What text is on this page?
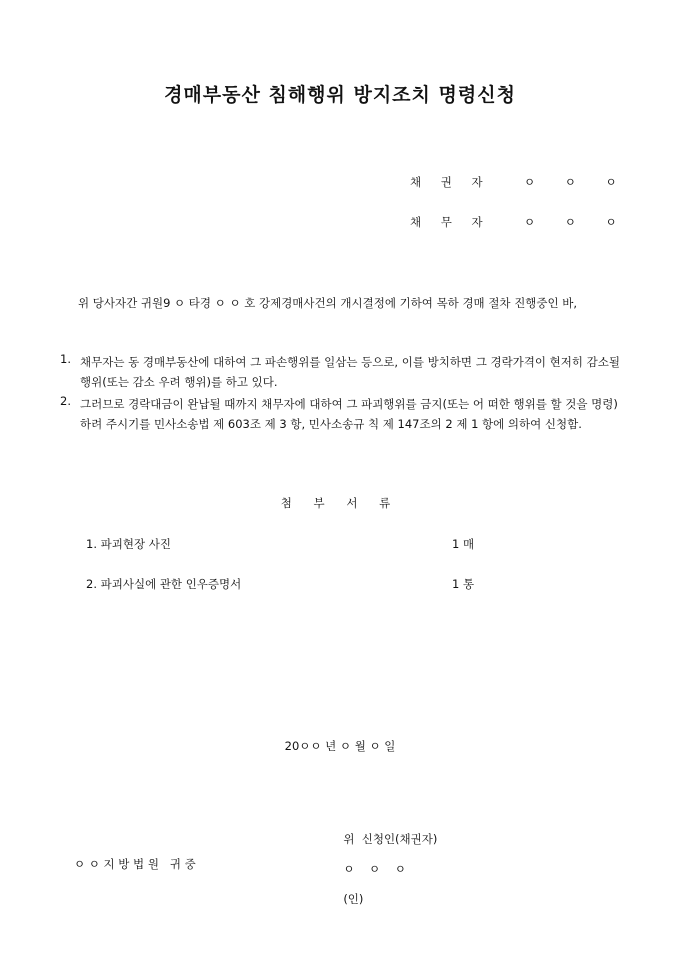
경매부동산 침해행위 방지조치 명령신청
채 권 자	ㅇ ㅇ ㅇ
채 무 자	ㅇ ㅇ ㅇ
위 당사자간 귀원9 ㅇ 타경 ㅇ ㅇ 호 강제경매사건의 개시결정에 기하여 목하 경매 절차 진행중인 바,
1. 채무자는 동 경매부동산에 대하여 그 파손행위를 일삼는 등으로, 이를 방치하면 그 경락가격이 현저히 감소될 행위(또는 감소 우려 행위)를 하고 있다.
2. 그러므로 경락대금이 완납될 때까지 채무자에 대하여 그 파괴행위를 금지(또는 어 떠한 행위를 할 것을 명령)하려 주시기를 민사소송법 제 603조 제 3 항, 민사소송규 칙 제 147조의 2 제 1 항에 의하여 신청함.
첨 부 서 류
1. 파괴현장 사진	1 매
2. 파괴사실에 관한 인우증명서	1 통
20ㅇㅇ 년 ㅇ 월 ㅇ 일

위  신청인(채권자)

ㅇ    ㅇ    ㅇ

(인)

ㅇ ㅇ 지 방 법 원   귀 중
